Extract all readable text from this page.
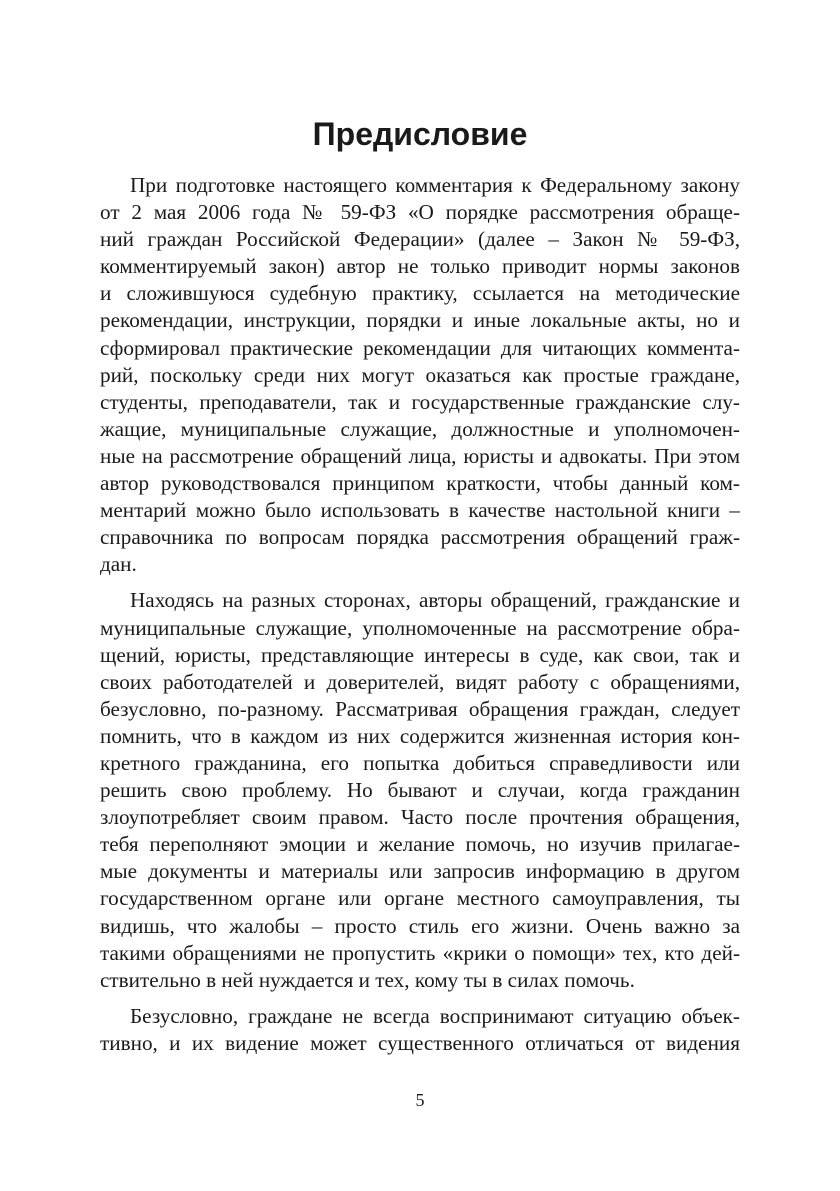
Предисловие

При подготовке настоящего комментария к Федеральному закону
от 2 мая 2006 года № 59-ФЗ «О порядке рассмотрения обраще-
ний граждан Российской Федерации» (далее – Закон № 59-ФЗ,
комментируемый закон) автор не только приводит нормы законов
и сложившуюся судебную практику, ссылается на методические
рекомендации, инструкции, порядки и иные локальные акты, но и
сформировал практические рекомендации для читающих коммента-
рий, поскольку среди них могут оказаться как простые граждане,
студенты, преподаватели, так и государственные гражданские слу-
жащие, муниципальные служащие, должностные и уполномочен-
ные на рассмотрение обращений лица, юристы и адвокаты. При этом
автор руководствовался принципом краткости, чтобы данный ком-
ментарий можно было использовать в качестве настольной книги –
справочника по вопросам порядка рассмотрения обращений граж-
дан.

Находясь на разных сторонах, авторы обращений, гражданские и
муниципальные служащие, уполномоченные на рассмотрение обра-
щений, юристы, представляющие интересы в суде, как свои, так и
своих работодателей и доверителей, видят работу с обращениями,
безусловно, по-разному. Рассматривая обращения граждан, следует
помнить, что в каждом из них содержится жизненная история кон-
кретного гражданина, его попытка добиться справедливости или
решить свою проблему. Но бывают и случаи, когда гражданин
злоупотребляет своим правом. Часто после прочтения обращения,
тебя переполняют эмоции и желание помочь, но изучив прилагае-
мые документы и материалы или запросив информацию в другом
государственном органе или органе местного самоуправления, ты
видишь, что жалобы – просто стиль его жизни. Очень важно за
такими обращениями не пропустить «крики о помощи» тех, кто дей-
ствительно в ней нуждается и тех, кому ты в силах помочь.

Безусловно, граждане не всегда воспринимают ситуацию объек-
тивно, и их видение может существенного отличаться от видения

5
